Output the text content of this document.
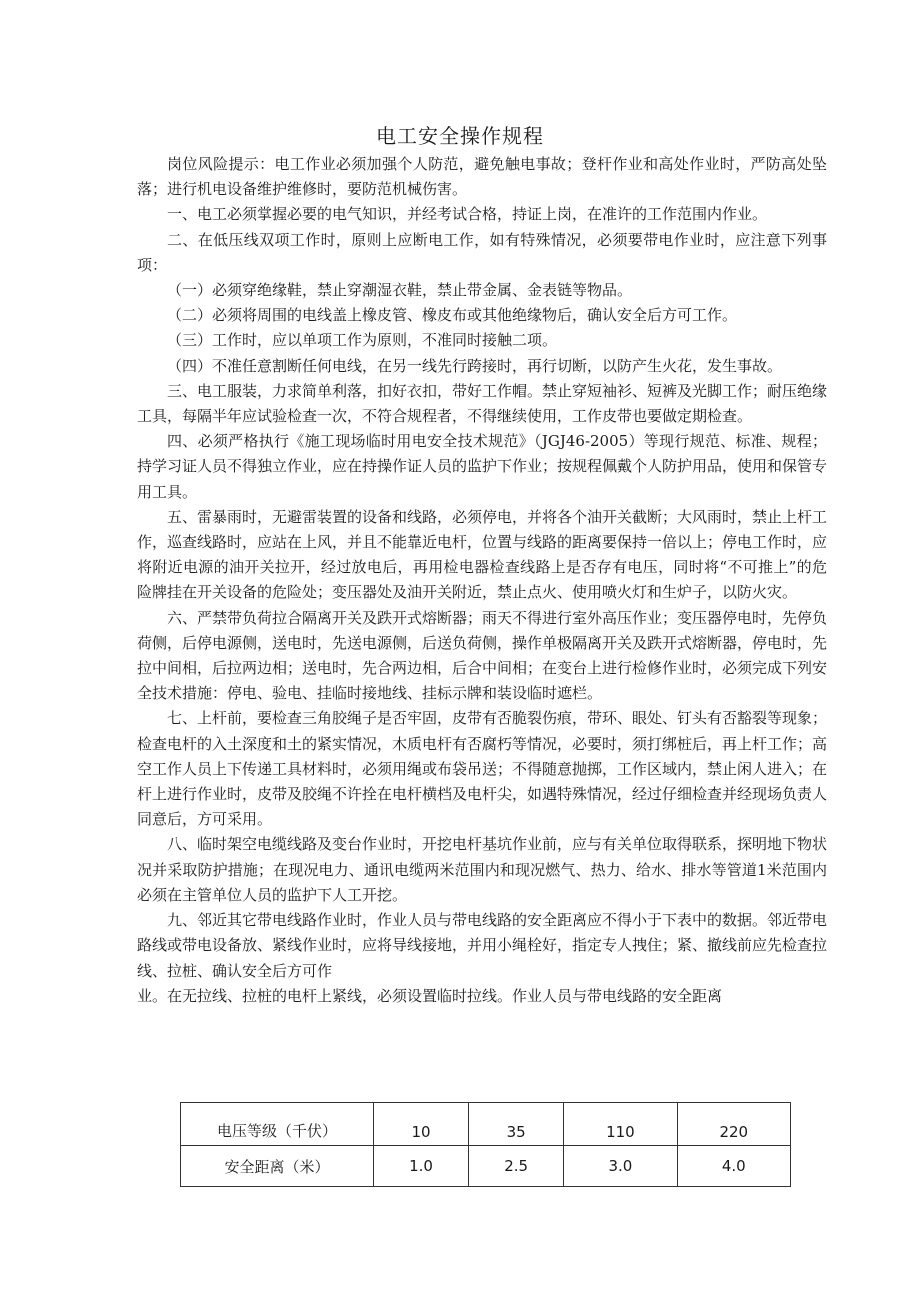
电工安全操作规程

岗位风险提示：电工作业必须加强个人防范，避免触电事故；登杆作业和高处作业时，严防高处坠落；进行机电设备维护维修时，要防范机械伤害。

一、电工必须掌握必要的电气知识，并经考试合格，持证上岗，在准许的工作范围内作业。

二、在低压线双项工作时，原则上应断电工作，如有特殊情况，必须要带电作业时，应注意下列事项：

（一）必须穿绝缘鞋，禁止穿潮湿衣鞋，禁止带金属、金表链等物品。

（二）必须将周围的电线盖上橡皮管、橡皮布或其他绝缘物后，确认安全后方可工作。

（三）工作时，应以单项工作为原则，不准同时接触二项。

（四）不准任意割断任何电线，在另一线先行跨接时，再行切断，以防产生火花，发生事故。

三、电工服装，力求简单利落，扣好衣扣，带好工作帽。禁止穿短袖衫、短裤及光脚工作；耐压绝缘工具，每隔半年应试验检查一次，不符合规程者，不得继续使用，工作皮带也要做定期检查。

四、必须严格执行《施工现场临时用电安全技术规范》（JGJ46-2005）等现行规范、标准、规程；持学习证人员不得独立作业，应在持操作证人员的监护下作业；按规程佩戴个人防护用品，使用和保管专用工具。

五、雷暴雨时，无避雷装置的设备和线路，必须停电，并将各个油开关截断；大风雨时，禁止上杆工作，巡查线路时，应站在上风，并且不能靠近电杆，位置与线路的距离要保持一倍以上；停电工作时，应将附近电源的油开关拉开，经过放电后，再用检电器检查线路上是否存有电压，同时将“不可推上”的危险牌挂在开关设备的危险处；变压器处及油开关附近，禁止点火、使用喷火灯和生炉子，以防火灾。

六、严禁带负荷拉合隔离开关及跌开式熔断器；雨天不得进行室外高压作业；变压器停电时，先停负荷侧，后停电源侧，送电时，先送电源侧，后送负荷侧，操作单极隔离开关及跌开式熔断器，停电时，先拉中间相，后拉两边相；送电时，先合两边相，后合中间相；在变台上进行检修作业时，必须完成下列安全技术措施：停电、验电、挂临时接地线、挂标示牌和装设临时遮栏。

七、上杆前，要检查三角胶绳子是否牢固，皮带有否脆裂伤痕，带环、眼处、钉头有否豁裂等现象；检查电杆的入土深度和土的紧实情况，木质电杆有否腐朽等情况，必要时，须打绑桩后，再上杆工作；高空工作人员上下传递工具材料时，必须用绳或布袋吊送；不得随意抛掷，工作区域内，禁止闲人进入；在杆上进行作业时，皮带及胶绳不许拴在电杆横档及电杆尖，如遇特殊情况，经过仔细检查并经现场负责人同意后，方可采用。

八、临时架空电缆线路及变台作业时，开挖电杆基坑作业前，应与有关单位取得联系，探明地下物状况并采取防护措施；在现况电力、通讯电缆两米范围内和现况燃气、热力、给水、排水等管道1米范围内必须在主管单位人员的监护下人工开挖。

九、邻近其它带电线路作业时，作业人员与带电线路的安全距离应不得小于下表中的数据。邻近带电路线或带电设备放、紧线作业时，应将导线接地，并用小绳栓好，指定专人拽住；紧、撤线前应先检查拉线、拉桩、确认安全后方可作

业。在无拉线、拉桩的电杆上紧线，必须设置临时拉线。作业人员与带电线路的安全距离

电压等级（千伏）	10	35	110	220
安全距离（米）	1.0	2.5	3.0	4.0
